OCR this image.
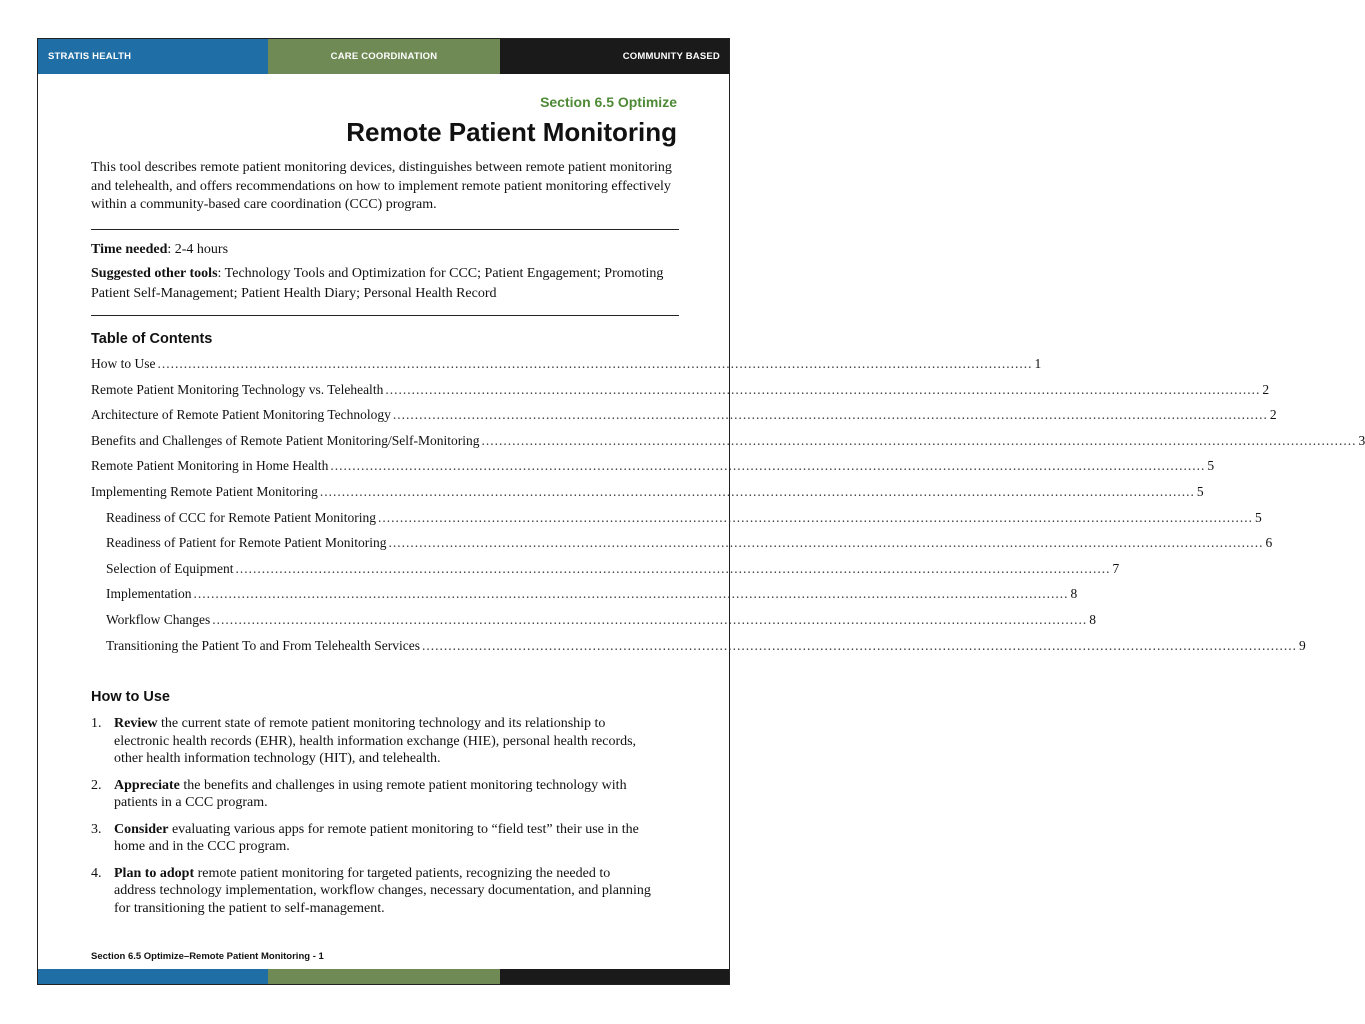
STRATIS HEALTH	CARE COORDINATION	COMMUNITY BASED
Section 6.5 Optimize
Remote Patient Monitoring
This tool describes remote patient monitoring devices, distinguishes between remote patient monitoring and telehealth, and offers recommendations on how to implement remote patient monitoring effectively within a community-based care coordination (CCC) program.
Time needed: 2-4 hours
Suggested other tools: Technology Tools and Optimization for CCC; Patient Engagement; Promoting Patient Self-Management; Patient Health Diary; Personal Health Record
Table of Contents
How to Use ........................................................................................................................................................................................................ 1
Remote Patient Monitoring Technology vs. Telehealth ........................................................................................................................................................................................................ 2
Architecture of Remote Patient Monitoring Technology ........................................................................................................................................................................................................ 2
Benefits and Challenges of Remote Patient Monitoring/Self-Monitoring ........................................................................................................................................................................................................ 3
Remote Patient Monitoring in Home Health ........................................................................................................................................................................................................ 5
Implementing Remote Patient Monitoring ........................................................................................................................................................................................................ 5
Readiness of CCC for Remote Patient Monitoring ........................................................................................................................................................................................................ 5
Readiness of Patient for Remote Patient Monitoring ........................................................................................................................................................................................................ 6
Selection of Equipment ........................................................................................................................................................................................................ 7
Implementation ........................................................................................................................................................................................................ 8
Workflow Changes ........................................................................................................................................................................................................ 8
Transitioning the Patient To and From Telehealth Services ........................................................................................................................................................................................................ 9
How to Use
1. Review the current state of remote patient monitoring technology and its relationship to electronic health records (EHR), health information exchange (HIE), personal health records, other health information technology (HIT), and telehealth.
2. Appreciate the benefits and challenges in using remote patient monitoring technology with patients in a CCC program.
3. Consider evaluating various apps for remote patient monitoring to “field test” their use in the home and in the CCC program.
4. Plan to adopt remote patient monitoring for targeted patients, recognizing the needed to address technology implementation, workflow changes, necessary documentation, and planning for transitioning the patient to self-management.
Section 6.5 Optimize–Remote Patient Monitoring - 1
